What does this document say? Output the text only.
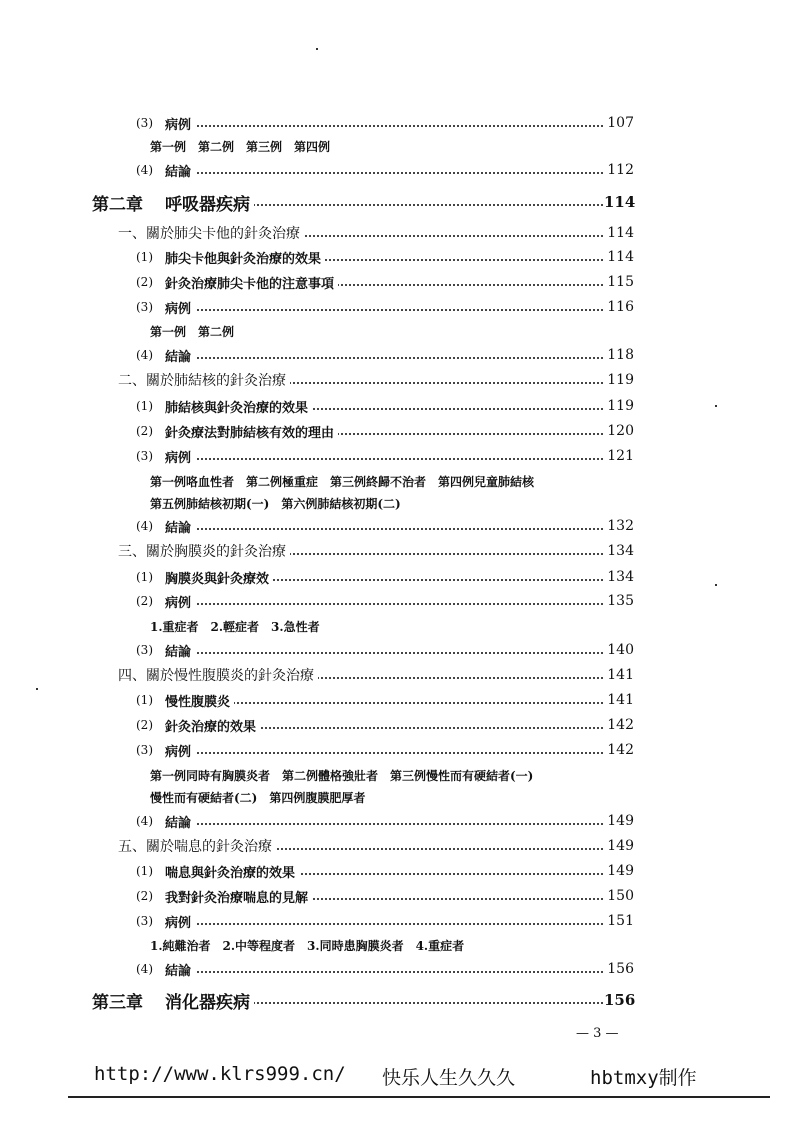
(3) 病例	107
第一例　第二例　第三例　第四例
(4) 結論	112
第二章 呼吸器疾病	114
一、關於肺尖卡他的針灸治療	114
(1) 肺尖卡他與針灸治療的效果	114
(2) 針灸治療肺尖卡他的注意事項	115
(3) 病例	116
第一例　第二例
(4) 結論	118
二、關於肺結核的針灸治療	119
(1) 肺結核與針灸治療的效果	119
(2) 針灸療法對肺結核有效的理由	120
(3) 病例	121
第一例咯血性者　第二例極重症　第三例終歸不治者　第四例兒童肺結核
第五例肺結核初期(一)　第六例肺結核初期(二)
(4) 結論	132
三、關於胸膜炎的針灸治療	134
(1) 胸膜炎與針灸療效	134
(2) 病例	135
1.重症者　2.輕症者　3.急性者
(3) 結論	140
四、關於慢性腹膜炎的針灸治療	141
(1) 慢性腹膜炎	141
(2) 針灸治療的效果	142
(3) 病例	142
第一例同時有胸膜炎者　第二例體格強壯者　第三例慢性而有硬結者(一)
慢性而有硬結者(二)　第四例腹膜肥厚者
(4) 結論	149
五、關於喘息的針灸治療	149
(1) 喘息與針灸治療的效果	149
(2) 我對針灸治療喘息的見解	150
(3) 病例	151
1.純難治者　2.中等程度者　3.同時患胸膜炎者　4.重症者
(4) 結論	156
第三章 消化器疾病	156
— 3 —
http://www.klrs999.cn/ 快乐人生久久久	hbtmxy制作
